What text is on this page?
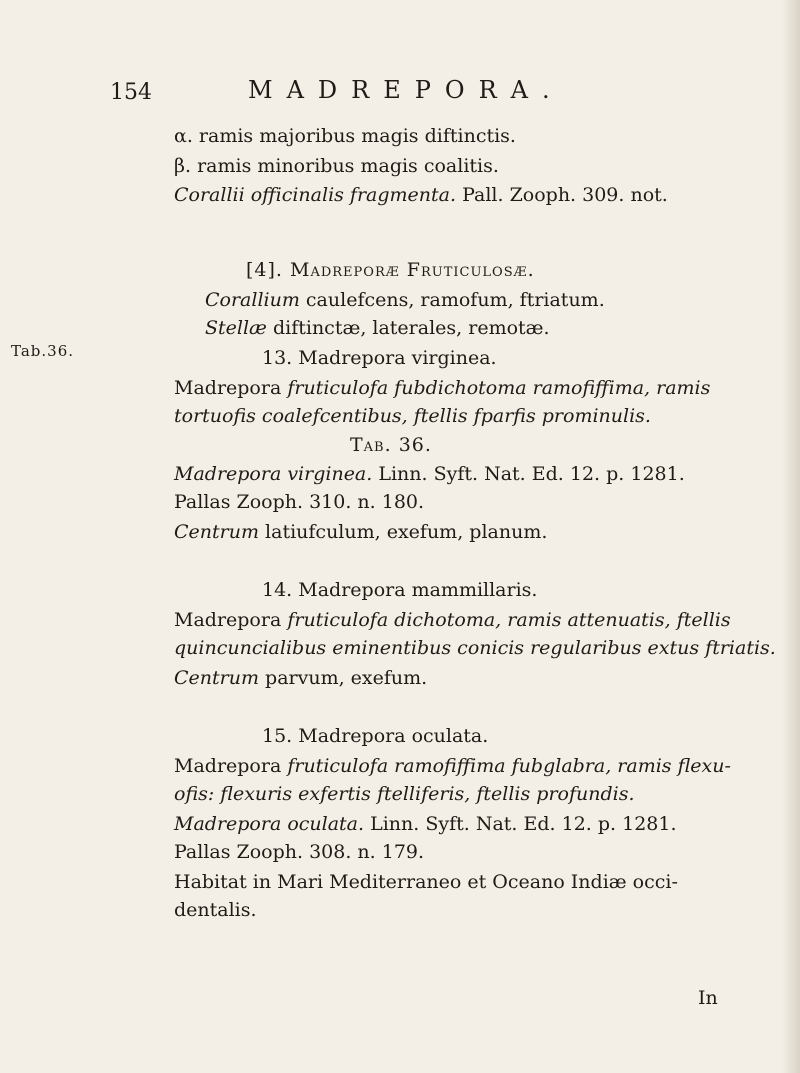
154	MADREPORA.
α. ramis majoribus magis diftinctis.
β. ramis minoribus magis coalitis.
Corallii officinalis fragmenta. Pall. Zooph. 309. not.
[4]. Madreporæ Fruticulosæ.
Corallium caulefcens, ramofum, ftriatum.
Stellæ diftinctæ, laterales, remotæ.
Tab.36.	13. Madrepora virginea.
Madrepora fruticulofa fubdichotoma ramofiffima, ramis
tortuofis coalefcentibus, ftellis fparfis prominulis.
Tab. 36.
Madrepora virginea. Linn. Syft. Nat. Ed. 12. p. 1281.
Pallas Zooph. 310. n. 180.
Centrum latiufculum, exefum, planum.
14. Madrepora mammillaris.
Madrepora fruticulofa dichotoma, ramis attenuatis, ftellis
quincuncialibus eminentibus conicis regularibus extus ftriatis.
Centrum parvum, exefum.
15. Madrepora oculata.
Madrepora fruticulofa ramofiffima fubglabra, ramis flexu-
ofis: flexuris exfertis ftelliferis, ftellis profundis.
Madrepora oculata. Linn. Syft. Nat. Ed. 12. p. 1281.
Pallas Zooph. 308. n. 179.
Habitat in Mari Mediterraneo et Oceano Indiæ occi-
dentalis.
In
